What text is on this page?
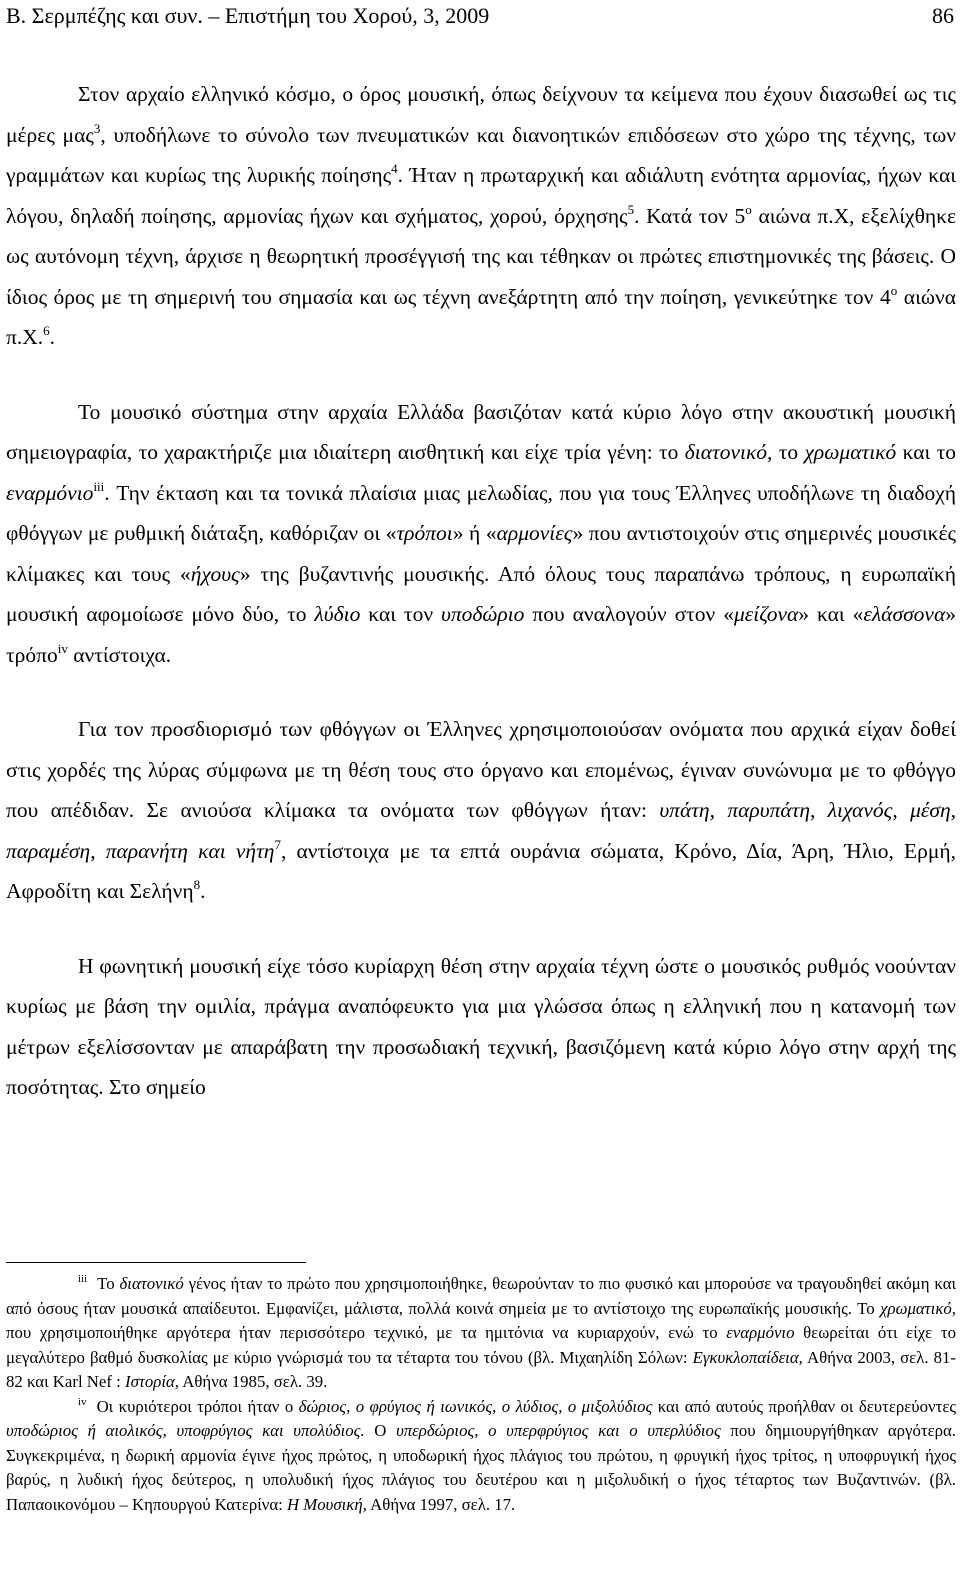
Β. Σερμπέζης και συν. – Επιστήμη του Χορού, 3, 2009	86

Στον αρχαίο ελληνικό κόσμο, ο όρος μουσική, όπως δείχνουν τα κείμενα που έχουν διασωθεί ως τις μέρες μας$^3$, υποδήλωνε το σύνολο των πνευματικών και διανοητικών επιδόσεων στο χώρο της τέχνης, των γραμμάτων και κυρίως της λυρικής ποίησης$^4$. Ήταν η πρωταρχική και αδιάλυτη ενότητα αρμονίας, ήχων και λόγου, δηλαδή ποίησης, αρμονίας ήχων και σχήματος, χορού, όρχησης$^5$. Κατά τον $5^o$ αιώνα π.Χ, εξελίχθηκε ως αυτόνομη τέχνη, άρχισε η θεωρητική προσέγγισή της και τέθηκαν οι πρώτες επιστημονικές της βάσεις. Ο ίδιος όρος με τη σημερινή του σημασία και ως τέχνη ανεξάρτητη από την ποίηση, γενικεύτηκε τον $4^o$ αιώνα π.Χ.$^6$.

Το μουσικό σύστημα στην αρχαία Ελλάδα βασιζόταν κατά κύριο λόγο στην ακουστική μουσική σημειογραφία, το χαρακτήριζε μια ιδιαίτερη αισθητική και είχε τρία γένη: το διατονικό, το χρωματικό και το εναρμόνιο$^{iii}$. Την έκταση και τα τονικά πλαίσια μιας μελωδίας, που για τους Έλληνες υποδήλωνε τη διαδοχή φθόγγων με ρυθμική διάταξη, καθόριζαν οι «τρόποι» ή «αρμονίες» που αντιστοιχούν στις σημερινές μουσικές κλίμακες και τους «ήχους» της βυζαντινής μουσικής. Από όλους τους παραπάνω τρόπους, η ευρωπαϊκή μουσική αφομοίωσε μόνο δύο, το λύδιο και τον υποδώριο που αναλογούν στον «μείζονα» και «ελάσσονα» τρόπο$^{iv}$ αντίστοιχα.

Για τον προσδιορισμό των φθόγγων οι Έλληνες χρησιμοποιούσαν ονόματα που αρχικά είχαν δοθεί στις χορδές της λύρας σύμφωνα με τη θέση τους στο όργανο και επομένως, έγιναν συνώνυμα με το φθόγγο που απέδιδαν. Σε ανιούσα κλίμακα τα ονόματα των φθόγγων ήταν: υπάτη, παρυπάτη, λιχανός, μέση, παραμέση, παρανήτη και νήτη$^7$, αντίστοιχα με τα επτά ουράνια σώματα, Κρόνο, Δία, Άρη, Ήλιο, Ερμή, Αφροδίτη και Σελήνη$^8$.

Η φωνητική μουσική είχε τόσο κυρίαρχη θέση στην αρχαία τέχνη ώστε ο μουσικός ρυθμός νοούνταν κυρίως με βάση την ομιλία, πράγμα αναπόφευκτο για μια γλώσσα όπως η ελληνική που η κατανομή των μέτρων εξελίσσονταν με απαράβατη την προσωδιακή τεχνική, βασιζόμενη κατά κύριο λόγο στην αρχή της ποσότητας. Στο σημείο

$^{iii}$ Το διατονικό γένος ήταν το πρώτο που χρησιμοποιήθηκε, θεωρούνταν το πιο φυσικό και μπορούσε να τραγουδηθεί ακόμη και από όσους ήταν μουσικά απαίδευτοι. Εμφανίζει, μάλιστα, πολλά κοινά σημεία με το αντίστοιχο της ευρωπαϊκής μουσικής. Το χρωματικό, που χρησιμοποιήθηκε αργότερα ήταν περισσότερο τεχνικό, με τα ημιτόνια να κυριαρχούν, ενώ το εναρμόνιο θεωρείται ότι είχε το μεγαλύτερο βαθμό δυσκολίας με κύριο γνώρισμά του τα τέταρτα του τόνου (βλ. Μιχαηλίδη Σόλων: Εγκυκλοπαίδεια, Αθήνα 2003, σελ. 81-82 και Karl Nef : Ιστορία, Αθήνα 1985, σελ. 39.

$^{iv}$ Οι κυριότεροι τρόποι ήταν ο δώριος, ο φρύγιος ή ιωνικός, ο λύδιος, ο μιξολύδιος και από αυτούς προήλθαν οι δευτερεύοντες υποδώριος ή αιολικός, υποφρύγιος και υπολύδιος. Ο υπερδώριος, ο υπερφρύγιος και ο υπερλύδιος που δημιουργήθηκαν αργότερα. Συγκεκριμένα, η δωρική αρμονία έγινε ήχος πρώτος, η υποδωρική ήχος πλάγιος του πρώτου, η φρυγική ήχος τρίτος, η υποφρυγική ήχος βαρύς, η λυδική ήχος δεύτερος, η υπολυδική ήχος πλάγιος του δευτέρου και η μιξολυδική ο ήχος τέταρτος των Βυζαντινών. (βλ. Παπαοικονόμου – Κηπουργού Κατερίνα: Η Μουσική, Αθήνα 1997, σελ. 17.
